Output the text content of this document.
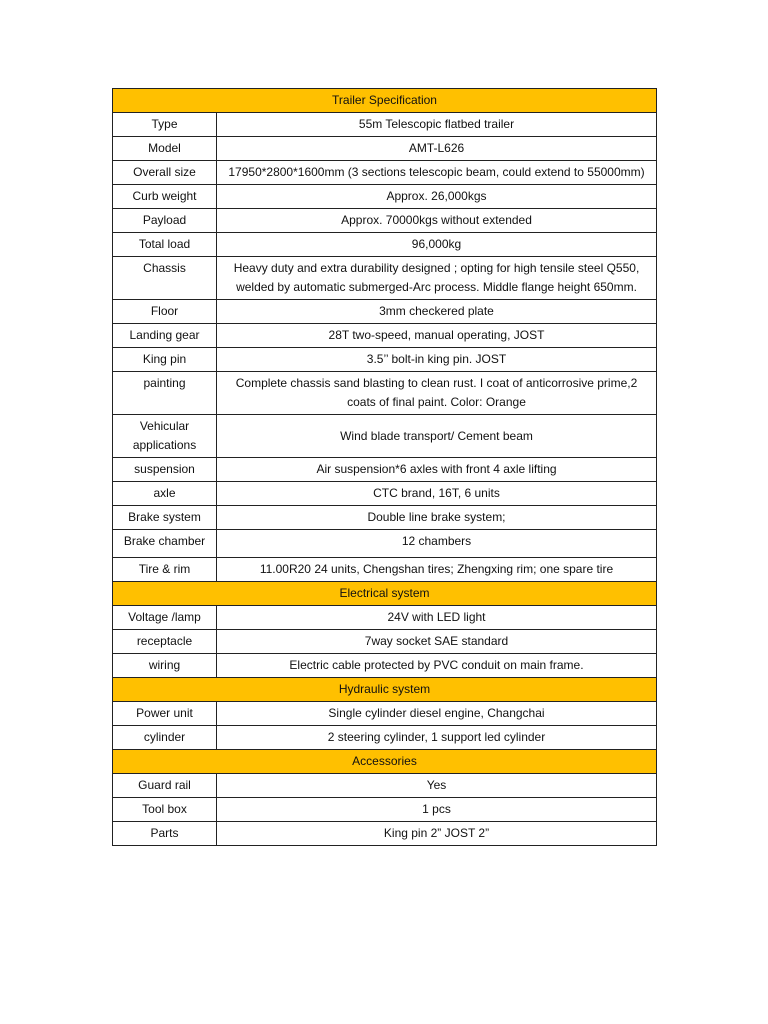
Trailer Specification	
Type	55m Telescopic flatbed trailer
Model	AMT-L626
Overall size	17950*2800*1600mm (3 sections telescopic beam, could extend to 55000mm)
Curb weight	Approx. 26,000kgs
Payload	Approx. 70000kgs without extended
Total load	96,000kg
Chassis	Heavy duty and extra durability designed ; opting for high tensile steel Q550, welded by automatic submerged-Arc process. Middle flange height 650mm.
Floor	3mm checkered plate
Landing gear	28T two-speed, manual operating, JOST
King pin	3.5’’ bolt-in king pin. JOST
painting	Complete chassis sand blasting to clean rust. I coat of anticorrosive prime,2 coats of final paint. Color: Orange
Vehicular applications	Wind blade transport/ Cement beam
suspension	Air suspension*6 axles with front 4 axle lifting
axle	CTC brand, 16T, 6 units
Brake system	Double line brake system;
Brake chamber	12 chambers
Tire & rim	11.00R20 24 units, Chengshan tires; Zhengxing rim; one spare tire
Electrical system	
Voltage /lamp	24V with LED light
receptacle	7way socket SAE standard
wiring	Electric cable protected by PVC conduit on main frame.
Hydraulic system	
Power unit	Single cylinder diesel engine, Changchai
cylinder	2 steering cylinder, 1 support led cylinder
Accessories	
Guard rail	Yes
Tool box	1 pcs
Parts	King pin 2” JOST 2”
